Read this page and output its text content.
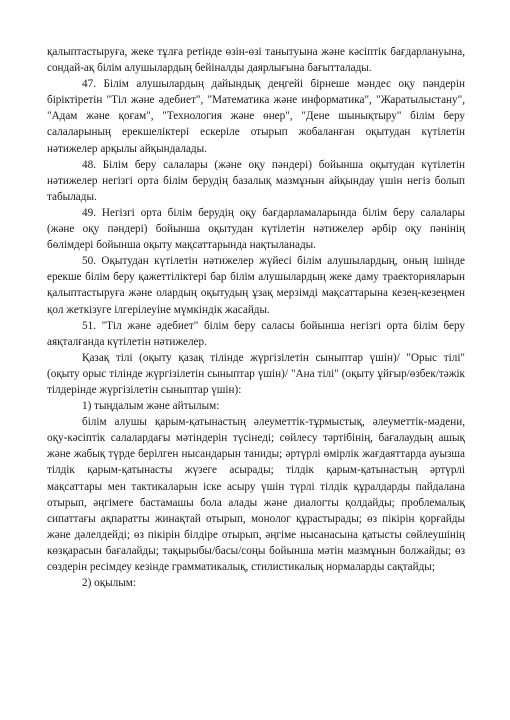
қалыптастыруға, жеке тұлға ретінде өзін-өзі танытуына және кәсіптік бағдарлануына, сондай-ақ білім алушылардың бейіналды даярлығына бағытталады.

47. Білім алушылардың дайындық деңгейі бірнеше мәндес оқу пәндерін біріктіретін "Тіл және әдебиет", "Математика және информатика", "Жаратылыстану", "Адам және қоғам", "Технология және өнер", "Дене шынықтыру" білім беру салаларының ерекшеліктері ескеріле отырып жобаланған оқытудан күтілетін нәтижелер арқылы айқындалады.

48. Білім беру салалары (және оқу пәндері) бойынша оқытудан күтілетін нәтижелер негізгі орта білім берудің базалық мазмұнын айқындау үшін негіз болып табылады.

49. Негізгі орта білім берудің оқу бағдарламаларында білім беру салалары (және оқу пәндері) бойынша оқытудан күтілетін нәтижелер әрбір оқу пәнінің бөлімдері бойынша оқыту мақсаттарында нақтыланады.

50. Оқытудан күтілетін нәтижелер жүйесі білім алушылардың, оның ішінде ерекше білім беру қажеттіліктері бар білім алушылардың жеке даму траекторияларын қалыптастыруға және олардың оқытудың ұзақ мерзімді мақсаттарына кезең-кезеңмен қол жеткізуге ілгерілеуіне мүмкіндік жасайды.

51. "Тіл және әдебиет" білім беру саласы бойынша негізгі орта білім беру аяқталғанда күтілетін нәтижелер.

Қазақ тілі (оқыту қазақ тілінде жүргізілетін сыныптар үшін)/ "Орыс тілі" (оқыту орыс тілінде жүргізілетін сыныптар үшін)/ "Ана тілі" (оқыту ұйғыр/өзбек/тәжік тілдерінде жүргізілетін сыныптар үшін):

1) тыңдалым және айтылым:

білім алушы қарым-қатынастың әлеуметтік-тұрмыстық, әлеуметтік-мәдени, оқу-кәсіптік салалардағы мәтіндерін түсінеді; сөйлесу тәртібінің, бағалаудың ашық және жабық түрде берілген нысандарын таниды; әртүрлі өмірлік жағдаяттарда ауызша тілдік қарым-қатынасты жүзеге асырады; тілдік қарым-қатынастың әртүрлі мақсаттары мен тактикаларын іске асыру үшін түрлі тілдік құралдарды пайдалана отырып, әңгімеге бастамашы бола алады және диалогты қолдайды; проблемалық сипаттағы ақпаратты жинақтай отырып, монолог құрастырады; өз пікірін қорғайды және дәлелдейді; өз пікірін білдіре отырып, әңгіме нысанасына қатысты сөйлеушінің көзқарасын бағалайды; тақырыбы/басы/соңы бойынша мәтін мазмұнын болжайды; өз сөздерін ресімдеу кезінде грамматикалық, стилистикалық нормаларды сақтайды;

2) оқылым:
